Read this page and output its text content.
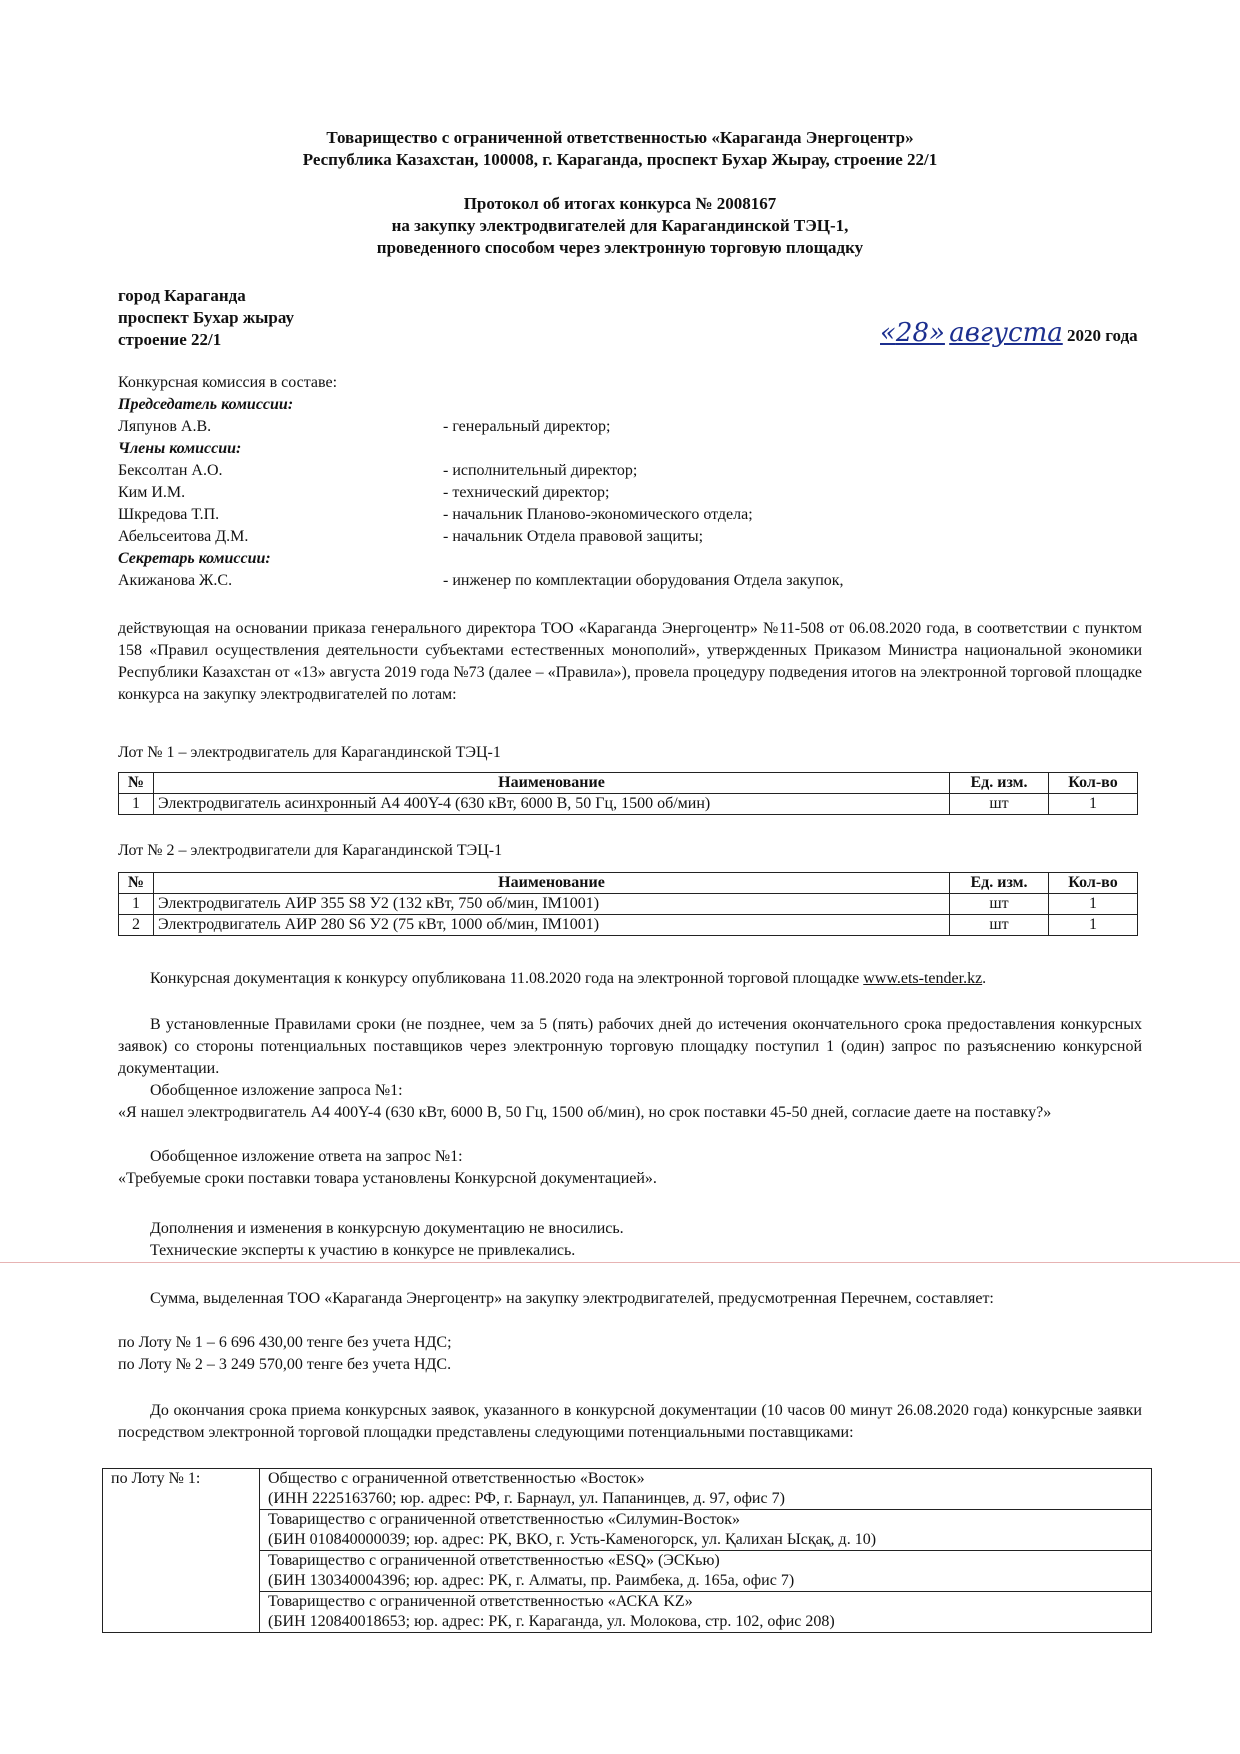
Товарищество с ограниченной ответственностью «Караганда Энергоцентр»
Республика Казахстан, 100008, г. Караганда, проспект Бухар Жырау, строение 22/1
Протокол об итогах конкурса № 2008167
на закупку электродвигателей для Карагандинской ТЭЦ-1,
проведенного способом через электронную торговую площадку
город Караганда
проспект Бухар жырау
строение 22/1	«28» августа 2020 года
Конкурсная комиссия в составе:
Председатель комиссии:
Ляпунов А.В.	- генеральный директор;
Члены комиссии:
Бексолтан А.О.	- исполнительный директор;
Ким И.М.	- технический директор;
Шкредова Т.П.	- начальник Планово-экономического отдела;
Абельсеитова Д.М.	- начальник Отдела правовой защиты;
Секретарь комиссии:
Акижанова Ж.С.	- инженер по комплектации оборудования Отдела закупок,
действующая на основании приказа генерального директора ТОО «Караганда Энергоцентр» №11-508 от 06.08.2020 года, в соответствии с пунктом 158 «Правил осуществления деятельности субъектами естественных монополий», утвержденных Приказом Министра национальной экономики Республики Казахстан от «13» августа 2019 года №73 (далее – «Правила»), провела процедуру подведения итогов на электронной торговой площадке конкурса на закупку электродвигателей по лотам:
Лот № 1 – электродвигатель для Карагандинской ТЭЦ-1
№	Наименование	Ед. изм.	Кол-во
1	Электродвигатель асинхронный А4 400Y-4 (630 кВт, 6000 В, 50 Гц, 1500 об/мин)	шт	1
Лот № 2 – электродвигатели для Карагандинской ТЭЦ-1
№	Наименование	Ед. изм.	Кол-во
1	Электродвигатель АИР 355 S8 У2 (132 кВт, 750 об/мин, IM1001)	шт	1
2	Электродвигатель АИР 280 S6 У2 (75 кВт, 1000 об/мин, IM1001)	шт	1
Конкурсная документация к конкурсу опубликована 11.08.2020 года на электронной торговой площадке www.ets-tender.kz.
В установленные Правилами сроки (не позднее, чем за 5 (пять) рабочих дней до истечения окончательного срока предоставления конкурсных заявок) со стороны потенциальных поставщиков через электронную торговую площадку поступил 1 (один) запрос по разъяснению конкурсной документации.
Обобщенное изложение запроса №1:
«Я нашел электродвигатель А4 400Y-4 (630 кВт, 6000 В, 50 Гц, 1500 об/мин), но срок поставки 45-50 дней, согласие даете на поставку?»
Обобщенное изложение ответа на запрос №1:
«Требуемые сроки поставки товара установлены Конкурсной документацией».
Дополнения и изменения в конкурсную документацию не вносились.
Технические эксперты к участию в конкурсе не привлекались.
Сумма, выделенная ТОО «Караганда Энергоцентр» на закупку электродвигателей, предусмотренная Перечнем, составляет:
по Лоту № 1 – 6 696 430,00 тенге без учета НДС;
по Лоту № 2 – 3 249 570,00 тенге без учета НДС.
До окончания срока приема конкурсных заявок, указанного в конкурсной документации (10 часов 00 минут 26.08.2020 года) конкурсные заявки посредством электронной торговой площадки представлены следующими потенциальными поставщиками:
по Лоту № 1:	Общество с ограниченной ответственностью «Восток»
(ИНН 2225163760; юр. адрес: РФ, г. Барнаул, ул. Папанинцев, д. 97, офис 7)

Товарищество с ограниченной ответственностью «Силумин-Восток»
(БИН 010840000039; юр. адрес: РК, ВКО, г. Усть-Каменогорск, ул. Қалихан Ысқақ, д. 10)

Товарищество с ограниченной ответственностью «ESQ» (ЭСКью)
(БИН 130340004396; юр. адрес: РК, г. Алматы, пр. Раимбека, д. 165а, офис 7)

Товарищество с ограниченной ответственностью «АСКА KZ»
(БИН 120840018653; юр. адрес: РК, г. Караганда, ул. Молокова, стр. 102, офис 208)
